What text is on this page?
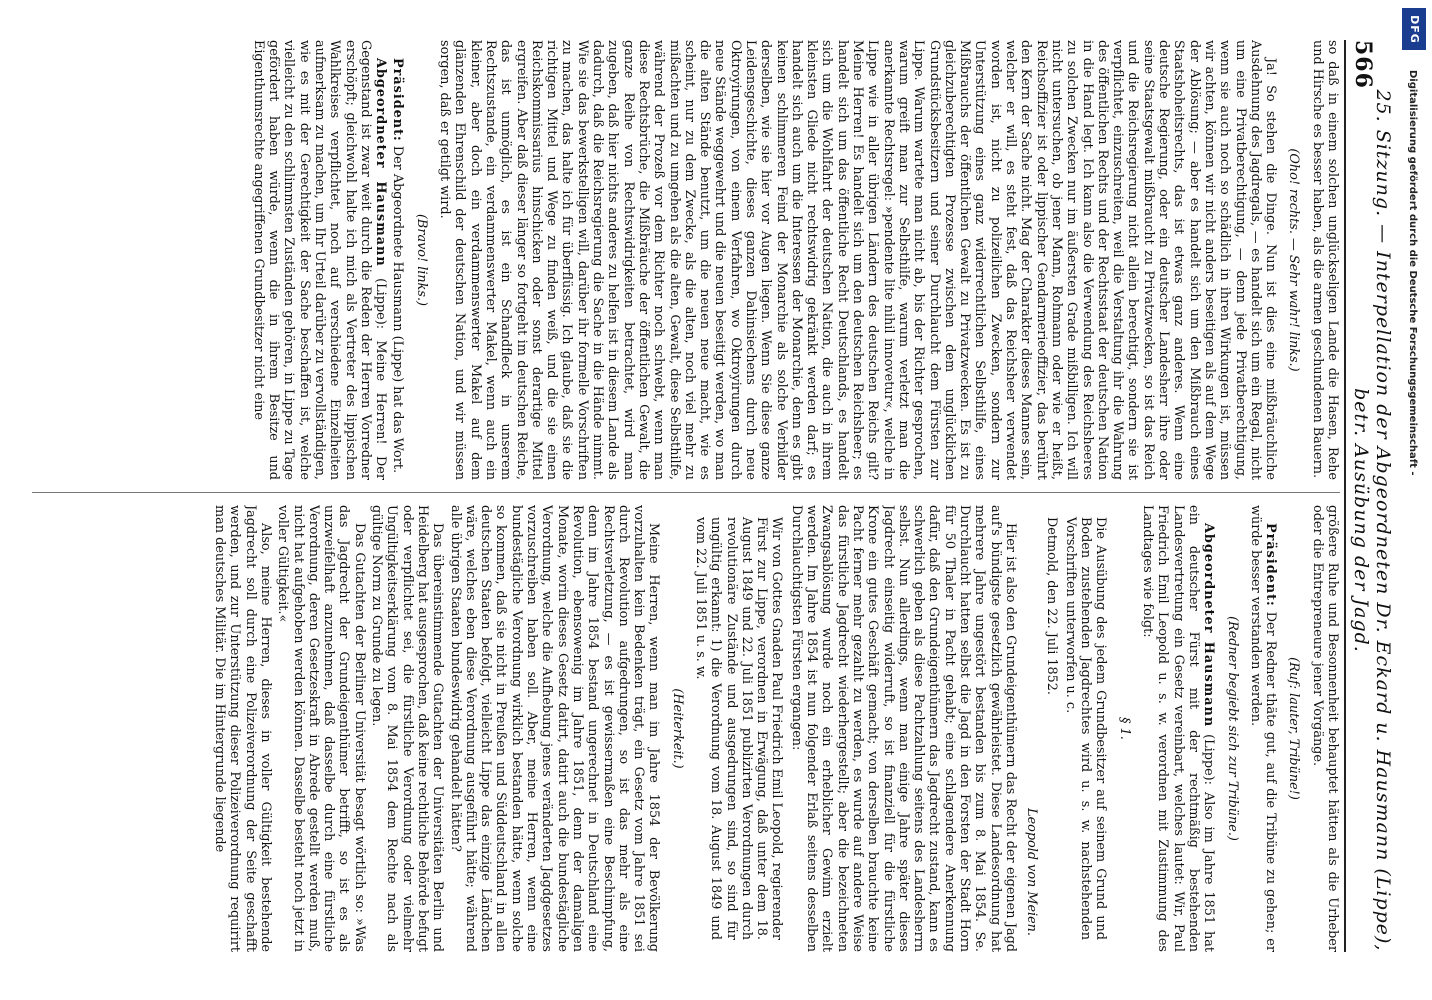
566
25. Sitzung. — Interpellation der Abgeordneten Dr. Eckard u. Hausmann (Lippe), betr. Ausübung der Jagd.

so daß in einem solchen unglückseligen Lande die Hasen, Rehe und Hirsche es besser haben, als die armen geschundenen Bauern.

(Oho! rechts. — Sehr wahr! links.)

Ja! So stehen die Dinge. Nun ist dies eine mißbräuchliche Ausdehnung des Jagdregals, — es handelt sich um ein Regal, nicht um eine Privatberechtigung, — denn jede Privatberechtigung, wenn sie auch noch so schädlich in ihren Wirkungen ist, müssen wir achten, können wir nicht anders beseitigen als auf dem Wege der Ablösung; — aber es handelt sich um den Mißbrauch eines Staatshoheitsrechts, das ist etwas ganz anderes. Wenn eine deutsche Regierung, oder ein deutscher Landesherr ihre oder seine Staatsgewalt mißbraucht zu Privatzwecken, so ist das Reich und die Reichsregierung nicht allein berechtigt, sondern sie ist verpflichtet, einzuschreiten, weil die Verstaltung ihr die Wahrung des öffentlichen Rechts und der Rechtsstaat der deutschen Nation in die Hand legt. Ich kann also die Verwendung des Reichsheeres zu solchen Zwecken nur im äußersten Grade mißbilligen. Ich will nicht untersuchen, ob jener Mann, Rohmann oder wie er heißt, Reichsoffizier ist oder lippischer Gendarmerieoffizier, das berührt den Kern der Sache nicht. Mag der Charakter dieses Mannes sein, welcher er will, es steht fest, daß das Reichsheer verwendet worden ist, nicht zu polizeilichen Zwecken, sondern zur Unterstützung eines ganz widerrechtlichen Selbsthilfe, eines Mißbrauchs der öffentlichen Gewalt zu Privatzwecken. Es ist zu gleichzuberechtigten Prozesse zwischen dem unglücklichen Grundstücksbesitzern und seiner Durchlaucht dem Fürsten zur Lippe. Warum wartete man nicht ab, bis der Richter gesprochen, warum greift man zur Selbsthilfe, warum verletzt man die anerkannte Rechtsregel: »pendente lite nihil innovetur«, welche in Lippe wie in aller übrigen Ländern des deutschen Reichs gilt? Meine Herren! Es handelt sich um den deutschen Reichsheer; es handelt sich um das öffentliche Recht Deutschlands, es handelt sich um die Wohlfahrt der deutschen Nation, die auch in ihrem kleinsten Gliede nicht rechtswidrig gekränkt werden darf; es handelt sich auch um die Interessen der Monarchie, denn es gibt keinen schlimmeren Feind der Monarchie als solche Verbilder derselben, wie sie hier vor Augen liegen. Wenn Sie diese ganze Leidensgeschichte, dieses ganzen Dahinsiechens durch neue Oktroyirungen, von einem Verfahren, wo Oktroyirungen durch neue Stände weggewehrt und die neuen beseitigt werden, wo man die alten Stände benutzt, um die neuen neue macht, wie es scheint, nur zu dem Zwecke, als die alten, noch viel mehr zu mißachten und zu umgehen als die alten, Gewalt, diese Selbsthilfe, während der Prozeß vor dem Richter noch schwebt, wenn man diese Rechtsbrüche, die Mißbräuche der öffentlichen Gewalt, die ganze Reihe von Rechtswidrigkeiten betrachtet, wird man zugeben, daß hier nichts anderes zu helfen ist in diesem Lande als dadurch, daß die Reichsregierung die Sache in die Hände nimmt. Wie sie das bewerkstelligen will, darüber ihr formelle Vorschriften zu machen, das halte ich für überflüssig. Ich glaube, daß sie die richtigen Mittel und Wege zu finden weiß, und die sie einen Reichskommissarius hinschicken oder sonst derartige Mittel ergreifen. Aber daß dieser länger so fortgeht im deutschen Reiche, das ist unmöglich, es ist ein Schandfleck in unserem Rechtszustande, ein verdammenswerter Makel, wenn auch ein kleiner, aber doch ein verdammenswerter Makel auf dem glänzenden Ehrenschild der deutschen Nation, und wir müssen sorgen, daß er getilgt wird.

(Bravo! links.)

Präsident: Der Abgeordnete Hausmann (Lippe) hat das Wort.

Abgeordneter Hausmann (Lippe): Meine Herren! Der Gegenstand ist zwar weit durch die Reden der Herren Vorredner erschöpft; gleichwohl halte ich mich als Vertreter des lippischen Wahlkreises verpflichtet, noch auf verschiedene Einzelheiten aufmerksam zu machen, um Ihr Urteil darüber zu vervollständigen, wie es mit der Gerechtigkeit der Sache beschaffen ist, welche vielleicht zu den schlimmsten Zuständen gehören, in Lippe zu Tage gefördert haben würde, wenn die in ihrem Besitze und Eigenthumsrechte angegriffenen Grundbesitzer nicht eine

größere Ruhe und Besonnenheit behauptet hätten als die Urheber oder die Entrepreneure jener Vorgänge.

(Ruf: lauter, Tribüne!)

Präsident: Der Redner thäte gut, auf die Tribüne zu gehen; er würde besser verstanden werden.

(Redner begiebt sich zur Tribüne.)

Abgeordneter Hausmann (Lippe): Also im Jahre 1851 hat ein deutscher Fürst mit der rechtmäßig bestehenden Landesvertretung ein Gesetz vereinbart, welches lautet: Wir, Paul Friedrich Emil Leopold u. s. w. verordnen mit Zustimmung des Landtages wie folgt:

§ 1.

Die Ausübung des jedem Grundbesitzer auf seinem Grund und Boden zustehenden Jagdrechtes wird u. s. w. nachstehenden Vorschriften unterworfen u. c.

Detmold, den 22. Juli 1852.

Leopold von Meien.

Hier ist also den Grundeigenthümern das Recht der eigenen Jagd auf's bündigste gesetzlich gewährleistet. Diese Landesordnung hat mehrere Jahre ungestört bestanden bis zum 8. Mai 1854. Se. Durchlaucht hatten selbst die Jagd in den Forsten der Stadt Horn für 50 Thaler in Pacht gehabt; eine schlagendere Anerkennung dafür, daß den Grundeigenthümern das Jagdrecht zustand, kann es schwerlich geben als diese Pachtzahlung seitens des Landesherrn selbst. Nun allerdings, wenn man einige Jahre später dieses Jagdrecht einseitig widerruft, so ist finanziell für die fürstliche Krone ein gutes Geschäft gemacht; von derselben brauchte keine Pacht ferner mehr gezahlt zu werden, es wurde auf andere Weise das fürstliche Jagdrecht wiederhergestellt; aber die bezeichneten Zwangsablösung wurde noch ein erheblicher Gewinn erzielt werden. Im Jahre 1854 ist nun folgender Erlaß seitens desselben Durchlauchtigsten Fürsten ergangen:

Wir von Gottes Gnaden Paul Friedrich Emil Leopold, regierender Fürst zur Lippe, verordnen in Erwägung, daß unter dem 18. August 1849 und 22. Juli 1851 publizirten Verordnungen durch revolutionäre Zustände und ausgedrungen sind, so sind für ungültig erkannt: 1) die Verordnung vom 18. August 1849 und vom 22. Juli 1851 u. s. w.

(Heiterkeit.)

Meine Herren, wenn man im Jahre 1854 der Bevölkerung vorzuhalten kein Bedenken trägt, ein Gesetz vom Jahre 1851 sei durch Revolution aufgedrungen, so ist das mehr als eine Rechtsverletzung, — es ist gewissermaßen eine Beschimpfung, denn im Jahre 1854 bestand ungerechnet in Deutschland eine Revolution, ebensowenig im Jahre 1851, denn der damaligen Monate, worin dieses Gesetz datirt, datirt auch die bundestägliche Verordnung, welche die Aufhebung jenes veränderten Jagdgesetzes vorzuschreiben haben soll. Aber, meine Herren, wenn eine bundestägliche Verordnung wirklich bestanden hätte, wenn solche so kommen, daß sie nicht in Preußen und Süddeutschland in allen deutschen Staaten befolgt, vielleicht Lippe das einzige Ländchen wäre, welches eben diese Verordnung ausgeführt hätte; während alle übrigen Staaten bundeswidrig gehandelt hätten?

Das übereinstimmende Gutachten der Universitäten Berlin und Heidelberg hat ausgesprochen, daß keine rechtliche Behörde befugt oder verpflichtet sei, die fürstliche Verordnung oder vielmehr Ungültigkeitserklärung vom 8. Mai 1854 dem Rechte nach als gültige Norm zu Grunde zu legen.

Das Gutachten der Berliner Universität besagt wörtlich so: »Was das Jagdrecht der Grundeigenthümer betrifft, so ist es als unzweifelhaft anzunehmen, daß dasselbe durch eine fürstliche Verordnung, deren Gesetzeskraft in Abrede gestellt werden muß, nicht hat aufgehoben werden können. Dasselbe besteht noch jetzt in voller Gültigkeit.«

Also, meine Herren, dieses in voller Gültigkeit bestehende Jagdrecht soll durch eine Polizeiverordnung der Seite geschafft werden, und zur Unterstützung dieser Polizeiverordnung requirirt man deutsches Militär. Die im Hintergrunde liegende

DFG
Digitalisierung gefördert durch die Deutsche Forschungsgemeinschaft -
